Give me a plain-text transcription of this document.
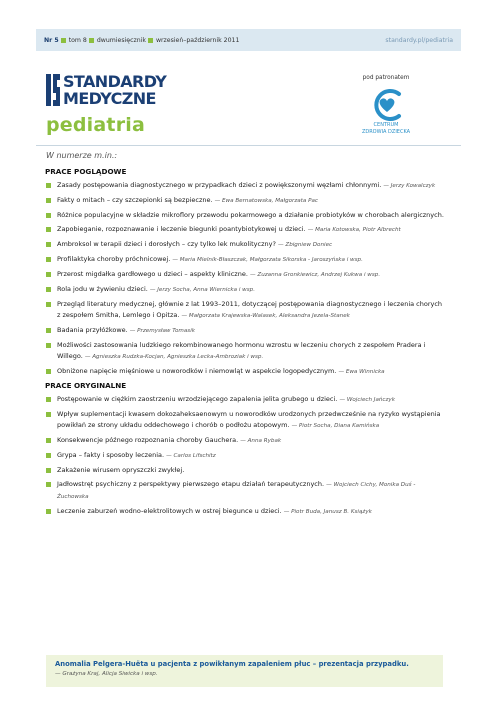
Nr 5 tom 8 dwumiesięcznik wrzesień–październik 2011	standardy.pl/pediatria
STANDARDY
MEDYCZNE
pediatria
pod patronatem
CENTRUM
ZDROWIA DZIECKA
W numerze m.in.:
PRACE POGLĄDOWE
Zasady postępowania diagnostycznego w przypadkach dzieci z powiększonymi węzłami chłonnymi. — Jerzy Kowalczyk
Fakty o mitach – czy szczepionki są bezpieczne. — Ewa Bernatowska, Małgorzata Pac
Różnice populacyjne w składzie mikroflory przewodu pokarmowego a działanie probiotyków w chorobach alergicznych.
Zapobieganie, rozpoznawanie i leczenie biegunki poantybiotykowej u dzieci. — Maria Kotowska, Piotr Albrecht
Ambroksol w terapii dzieci i dorosłych – czy tylko lek mukolityczny? — Zbigniew Doniec
Profilaktyka choroby próchnicowej. — Maria Mielnik-Błaszczak, Małgorzata Sikorska - Jaroszyńska i wsp.
Przerost migdałka gardłowego u dzieci – aspekty kliniczne. — Zuzanna Gronkiewicz, Andrzej Kukwa i wsp.
Rola jodu w żywieniu dzieci. — Jerzy Socha, Anna Wiernicka i wsp.
Przegląd literatury medycznej, głównie z lat 1993–2011, dotyczącej postępowania diagnostycznego i leczenia chorych z zespołem Smitha, Lemlego i Opitza. — Małgorzata Krajewska-Walasek, Aleksandra Jezela-Stanek
Badania przyłóżkowe. — Przemysław Tomasik
Możliwości zastosowania ludzkiego rekombinowanego hormonu wzrostu w leczeniu chorych z zespołem Pradera i Willego. — Agnieszka Rudzka-Kocjan, Agnieszka Lecka-Ambroziak i wsp.
Obniżone napięcie mięśniowe u noworodków i niemowląt w aspekcie logopedycznym. — Ewa Winnicka
PRACE ORYGINALNE
Postępowanie w ciężkim zaostrzeniu wrzodziejącego zapalenia jelita grubego u dzieci. — Wojciech Jańczyk
Wpływ suplementacji kwasem dokozaheksaenowym u noworodków urodzonych przedwcześnie na ryzyko wystąpienia powikłań ze strony układu oddechowego i chorób o podłożu atopowym. — Piotr Socha, Diana Kamińska
Konsekwencje późnego rozpoznania choroby Gauchera. — Anna Rybak
Grypa – fakty i sposoby leczenia. — Carlos Lifschitz
Zakażenie wirusem opryszczki zwykłej.
Jadłowstręt psychiczny z perspektywy pierwszego etapu działań terapeutycznych. — Wojciech Cichy, Monika Duś - Żuchowska
Leczenie zaburzeń wodno-elektrolitowych w ostrej biegunce u dzieci. — Piotr Buda, Janusz B. Książyk
Anomalia Pelgera-Huëta u pacjenta z powikłanym zapaleniem płuc – prezentacja przypadku.
— Grażyna Kraj, Alicja Siwicka i wsp.
